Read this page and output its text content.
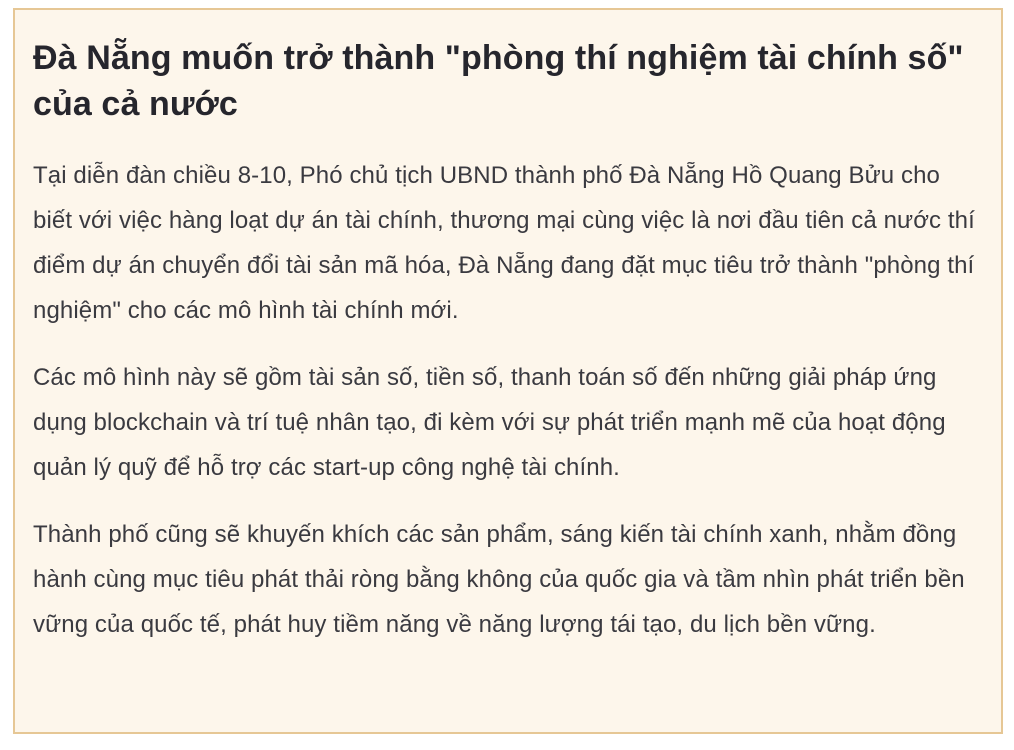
Đà Nẵng muốn trở thành "phòng thí nghiệm tài chính số" của cả nước

Tại diễn đàn chiều 8-10, Phó chủ tịch UBND thành phố Đà Nẵng Hồ Quang Bửu cho biết với việc hàng loạt dự án tài chính, thương mại cùng việc là nơi đầu tiên cả nước thí điểm dự án chuyển đổi tài sản mã hóa, Đà Nẵng đang đặt mục tiêu trở thành "phòng thí nghiệm" cho các mô hình tài chính mới.

Các mô hình này sẽ gồm tài sản số, tiền số, thanh toán số đến những giải pháp ứng dụng blockchain và trí tuệ nhân tạo, đi kèm với sự phát triển mạnh mẽ của hoạt động quản lý quỹ để hỗ trợ các start-up công nghệ tài chính.

Thành phố cũng sẽ khuyến khích các sản phẩm, sáng kiến tài chính xanh, nhằm đồng hành cùng mục tiêu phát thải ròng bằng không của quốc gia và tầm nhìn phát triển bền vững của quốc tế, phát huy tiềm năng về năng lượng tái tạo, du lịch bền vững.
